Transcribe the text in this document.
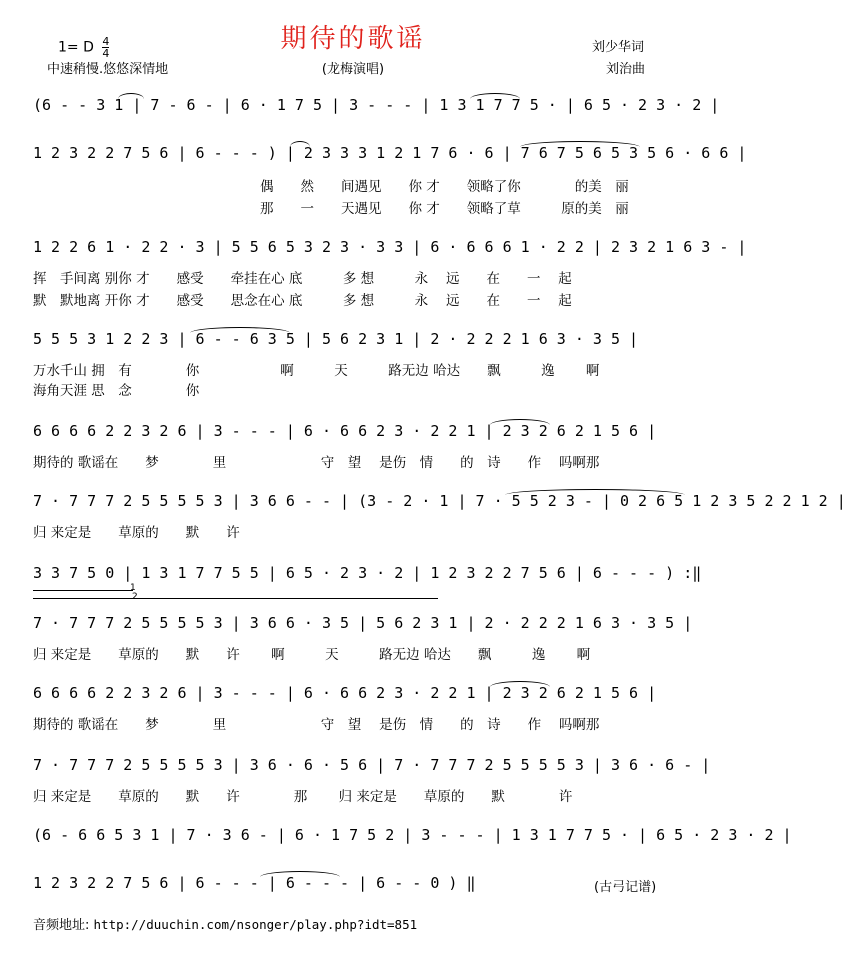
期待的歌谣
1= D $\frac{4}{4}$
中速稍慢.悠悠深情地	(龙梅演唱)
刘少华词
刘治曲
(6 - - 3 1 | 7 - 6 - | 6 · 1 7 5 | 3 - - - | 1 3 1 7 7 5 · | 6 5 · 2 3 · 2 |
1 2 3 2 2 7 5 6 | 6 - - - ) | 2 3 3 3 1 2 1 7 6 · 6 | 7 6 7 5 6 5 3 5 6 · 6 6 |
偶　　然　　间遇见　　你 才　　领略了你　　　　的美　丽
那　　一　　天遇见　　你 才　　领略了草　　　原的美　丽
1 2 2 6 1 · 2 2 · 3 | 5 5 6 5 3 2 3 · 3 3 | 6 · 6 6 6 1 · 2 2 | 2 3 2 1 6 3 - |
挥　手间离 别你 才　　感受　　牵挂在心 底　　　多 想　　　永　 远　　在　　一　 起
默　默地离 开你 才　　感受　　思念在心 底　　　多 想　　　永　 远　　在　　一　 起
5 5 5 3 1 2 2 3 | 6 - - 6 3 5 | 5 6 2 3 1 | 2 · 2 2 2 1 6 3 · 3 5 |
万水千山 拥　有　　　　你　　　　　　啊　　　天　　　路无边 哈达　　飘　　　逸　　 啊
海角天涯 思　念　　　　你
6 6 6 6 2 2 3 2 6 | 3 - - - | 6 · 6 6 2 3 · 2 2 1 | 2 3 2 6 2 1 5 6 |
期待的 歌谣在　　梦　　　　里　　　　　　　守　望　 是伤　情　　的　诗　　作　 吗啊那
7 · 7 7 7 2 5 5 5 5 3 | 3 6 6 - - | (3 - 2 · 1 | 7 · 5 5 2 3 - | 0 2 6 5 1 2 3 5 2 2 1 2 |
归 来定是　　草原的　　默　　许
3 3 7 5 0 | 1 3 1 7 7 5 5 | 6 5 · 2 3 · 2 | 1 2 3 2 2 7 5 6 | 6 - - - ) :‖
1
2
7 · 7 7 7 2 5 5 5 5 3 | 3 6 6 · 3 5 | 5 6 2 3 1 | 2 · 2 2 2 1 6 3 · 3 5 |
归 来定是　　草原的　　默　　许　　 啊　　　天　　　路无边 哈达　　飘　　　逸　　 啊
6 6 6 6 2 2 3 2 6 | 3 - - - | 6 · 6 6 2 3 · 2 2 1 | 2 3 2 6 2 1 5 6 |
期待的 歌谣在　　梦　　　　里　　　　　　　守　望　 是伤　情　　的　诗　　作　 吗啊那
7 · 7 7 7 2 5 5 5 5 3 | 3 6 · 6 · 5 6 | 7 · 7 7 7 2 5 5 5 5 3 | 3 6 · 6 - |
归 来定是　　草原的　　默　　许　　　　那　　 归 来定是　　草原的　　默　　　　许
(6 - 6 6 5 3 1 | 7 · 3 6 - | 6 · 1 7 5 2 | 3 - - - | 1 3 1 7 7 5 · | 6 5 · 2 3 · 2 |
1 2 3 2 2 7 5 6 | 6 - - - | 6 - - - | 6 - - 0 ) ‖	(古弓记谱)
音频地址: http://duuchin.com/nsonger/play.php?idt=851
